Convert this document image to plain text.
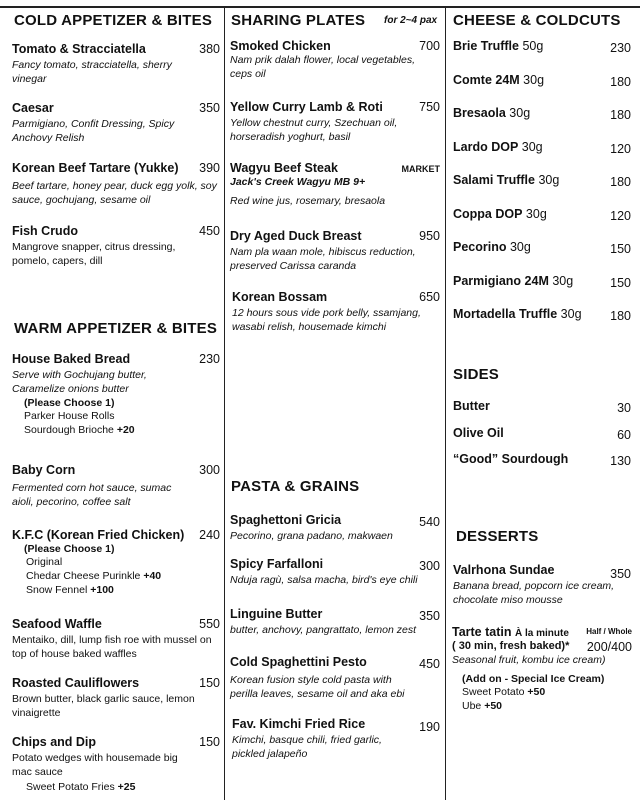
COLD APPETIZER & BITES
Tomato & Stracciatella	380
Fancy tomato, stracciatella, sherry vinegar
Caesar	350
Parmigiano, Confit Dressing, Spicy Anchovy Relish
Korean Beef Tartare (Yukke)	390
Beef tartare, honey pear, duck egg yolk, soy sauce, gochujang, sesame oil
Fish Crudo	450
Mangrove snapper, citrus dressing, pomelo, capers, dill
WARM APPETIZER & BITES
House Baked Bread	230
Serve with Gochujang butter, Caramelize onions butter
(Please Choose 1)
Parker House Rolls
Sourdough Brioche +20
Baby Corn	300
Fermented corn hot sauce, sumac aioli, pecorino, coffee salt
K.F.C (Korean Fried Chicken)	240
(Please Choose 1)
Original
Chedar Cheese Purinkle +40
Snow Fennel +100
Seafood Waffle	550
Mentaiko, dill, lump fish roe with mussel on top of house baked waffles
Roasted Cauliflowers	150
Brown butter, black garlic sauce, lemon vinaigrette
Chips and Dip	150
Potato wedges with housemade big mac sauce
Sweet Potato Fries +25
SHARING PLATES for 2~4 pax
Smoked Chicken	700
Nam prik dalah flower, local vegetables, ceps oil
Yellow Curry Lamb & Roti	750
Yellow chestnut curry, Szechuan oil, horseradish yoghurt, basil
Wagyu Beef Steak	MARKET
Jack's Creek Wagyu MB 9+
Red wine jus, rosemary, bresaola
Dry Aged Duck Breast	950
Nam pla waan mole, hibiscus reduction, preserved Carissa caranda
Korean Bossam	650
12 hours sous vide pork belly, ssamjang, wasabi relish, housemade kimchi
PASTA & GRAINS
Spaghettoni Gricia	540
Pecorino, grana padano, makwaen
Spicy Farfalloni	300
Nduja ragù, salsa macha, bird's eye chili
Linguine Butter	350
butter, anchovy, pangrattato, lemon zest
Cold Spaghettini Pesto	450
Korean fusion style cold pasta with perilla leaves, sesame oil and aka ebi
Fav. Kimchi Fried Rice	190
Kimchi, basque chili, fried garlic, pickled jalapeño
CHEESE & COLDCUTS
Brie Truffle 50g	230
Comte 24M 30g	180
Bresaola 30g	180
Lardo DOP 30g	120
Salami Truffle 30g	180
Coppa DOP 30g	120
Pecorino 30g	150
Parmigiano 24M 30g	150
Mortadella Truffle 30g	180
SIDES
Butter	30
Olive Oil	60
“Good” Sourdough	130
DESSERTS
Valrhona Sundae	350
Banana bread, popcorn ice cream, chocolate miso mousse
Tarte tatin À la minute	Half / Whole
( 30 min, fresh baked)*	200/400
Seasonal fruit, kombu ice cream)
(Add on - Special Ice Cream)
Sweet Potato +50
Ube +50
